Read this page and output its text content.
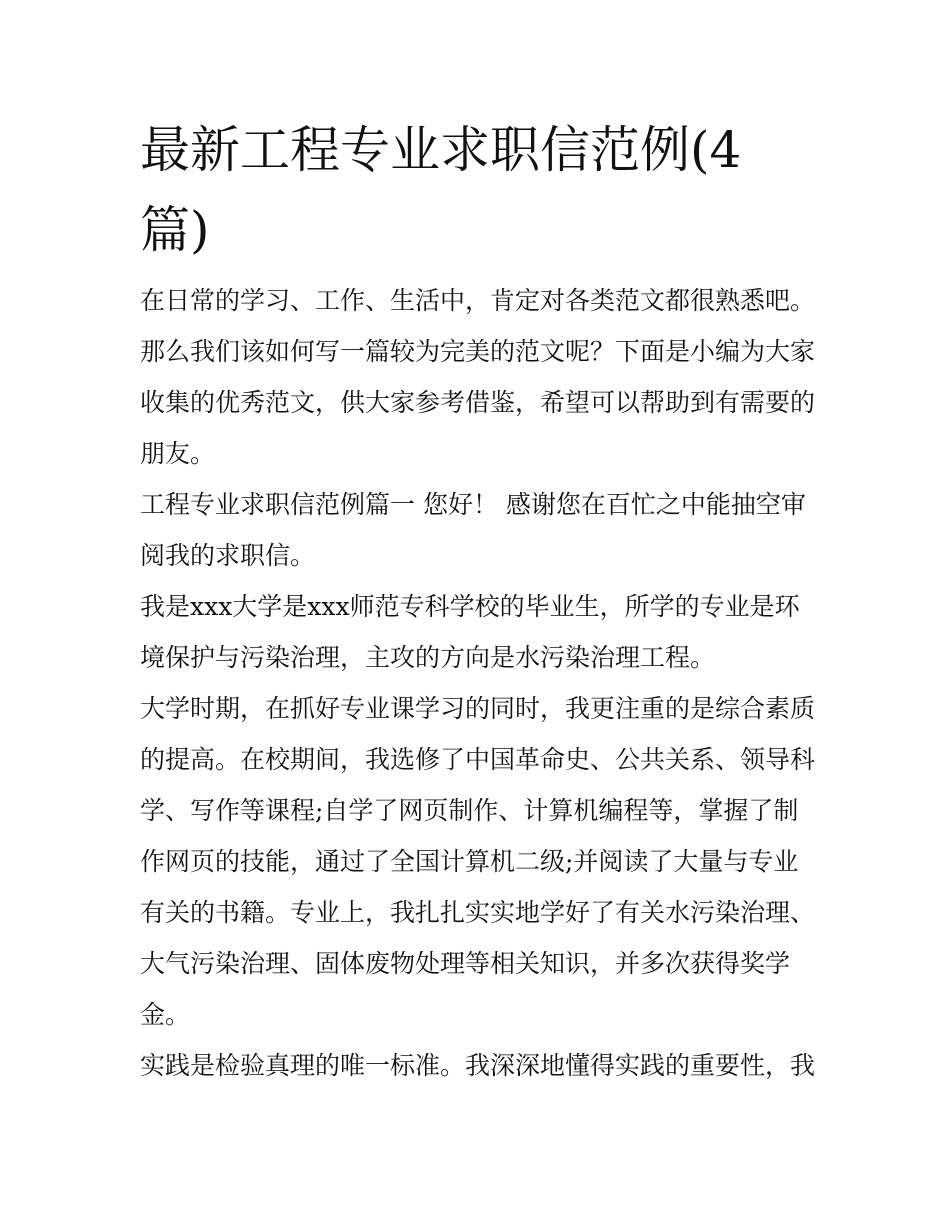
最新工程专业求职信范例(4篇)

在日常的学习、工作、生活中，肯定对各类范文都很熟悉吧。那么我们该如何写一篇较为完美的范文呢？下面是小编为大家收集的优秀范文，供大家参考借鉴，希望可以帮助到有需要的朋友。

工程专业求职信范例篇一 您好！ 感谢您在百忙之中能抽空审阅我的求职信。

我是xxx大学是xxx师范专科学校的毕业生，所学的专业是环境保护与污染治理，主攻的方向是水污染治理工程。

大学时期，在抓好专业课学习的同时，我更注重的是综合素质的提高。在校期间，我选修了中国革命史、公共关系、领导科学、写作等课程;自学了网页制作、计算机编程等，掌握了制作网页的技能，通过了全国计算机二级;并阅读了大量与专业有关的书籍。专业上，我扎扎实实地学好了有关水污染治理、大气污染治理、固体废物处理等相关知识，并多次获得奖学金。

实践是检验真理的唯一标准。我深深地懂得实践的重要性，我
